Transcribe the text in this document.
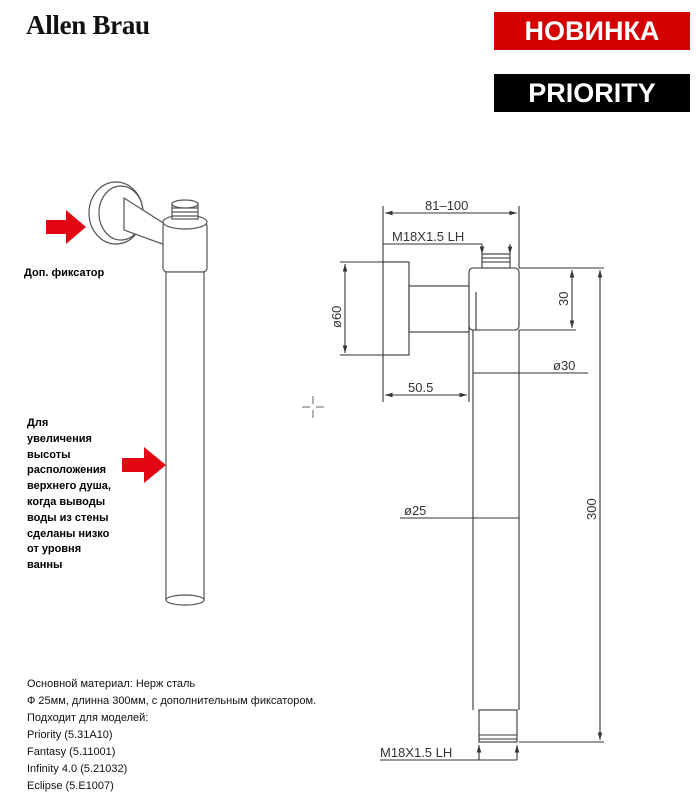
Allen Brau	НОВИНКА
PRIORITY
Доп. фиксатор
Для
увеличения
высоты
расположения
верхнего душа,
когда выводы
воды из стены
сделаны низко
от уровня
ванны
81–100
M18X1.5 LH
ø60
30
ø30
50.5
ø25	300
M18X1.5 LH
Основной материал: Нерж сталь
Ф 25мм, длинна 300мм, с дополнительным фиксатором.
Подходит для моделей:
Priority (5.31A10)
Fantasy (5.11001)
Infinity 4.0 (5.21032)
Eclipse (5.E1007)
